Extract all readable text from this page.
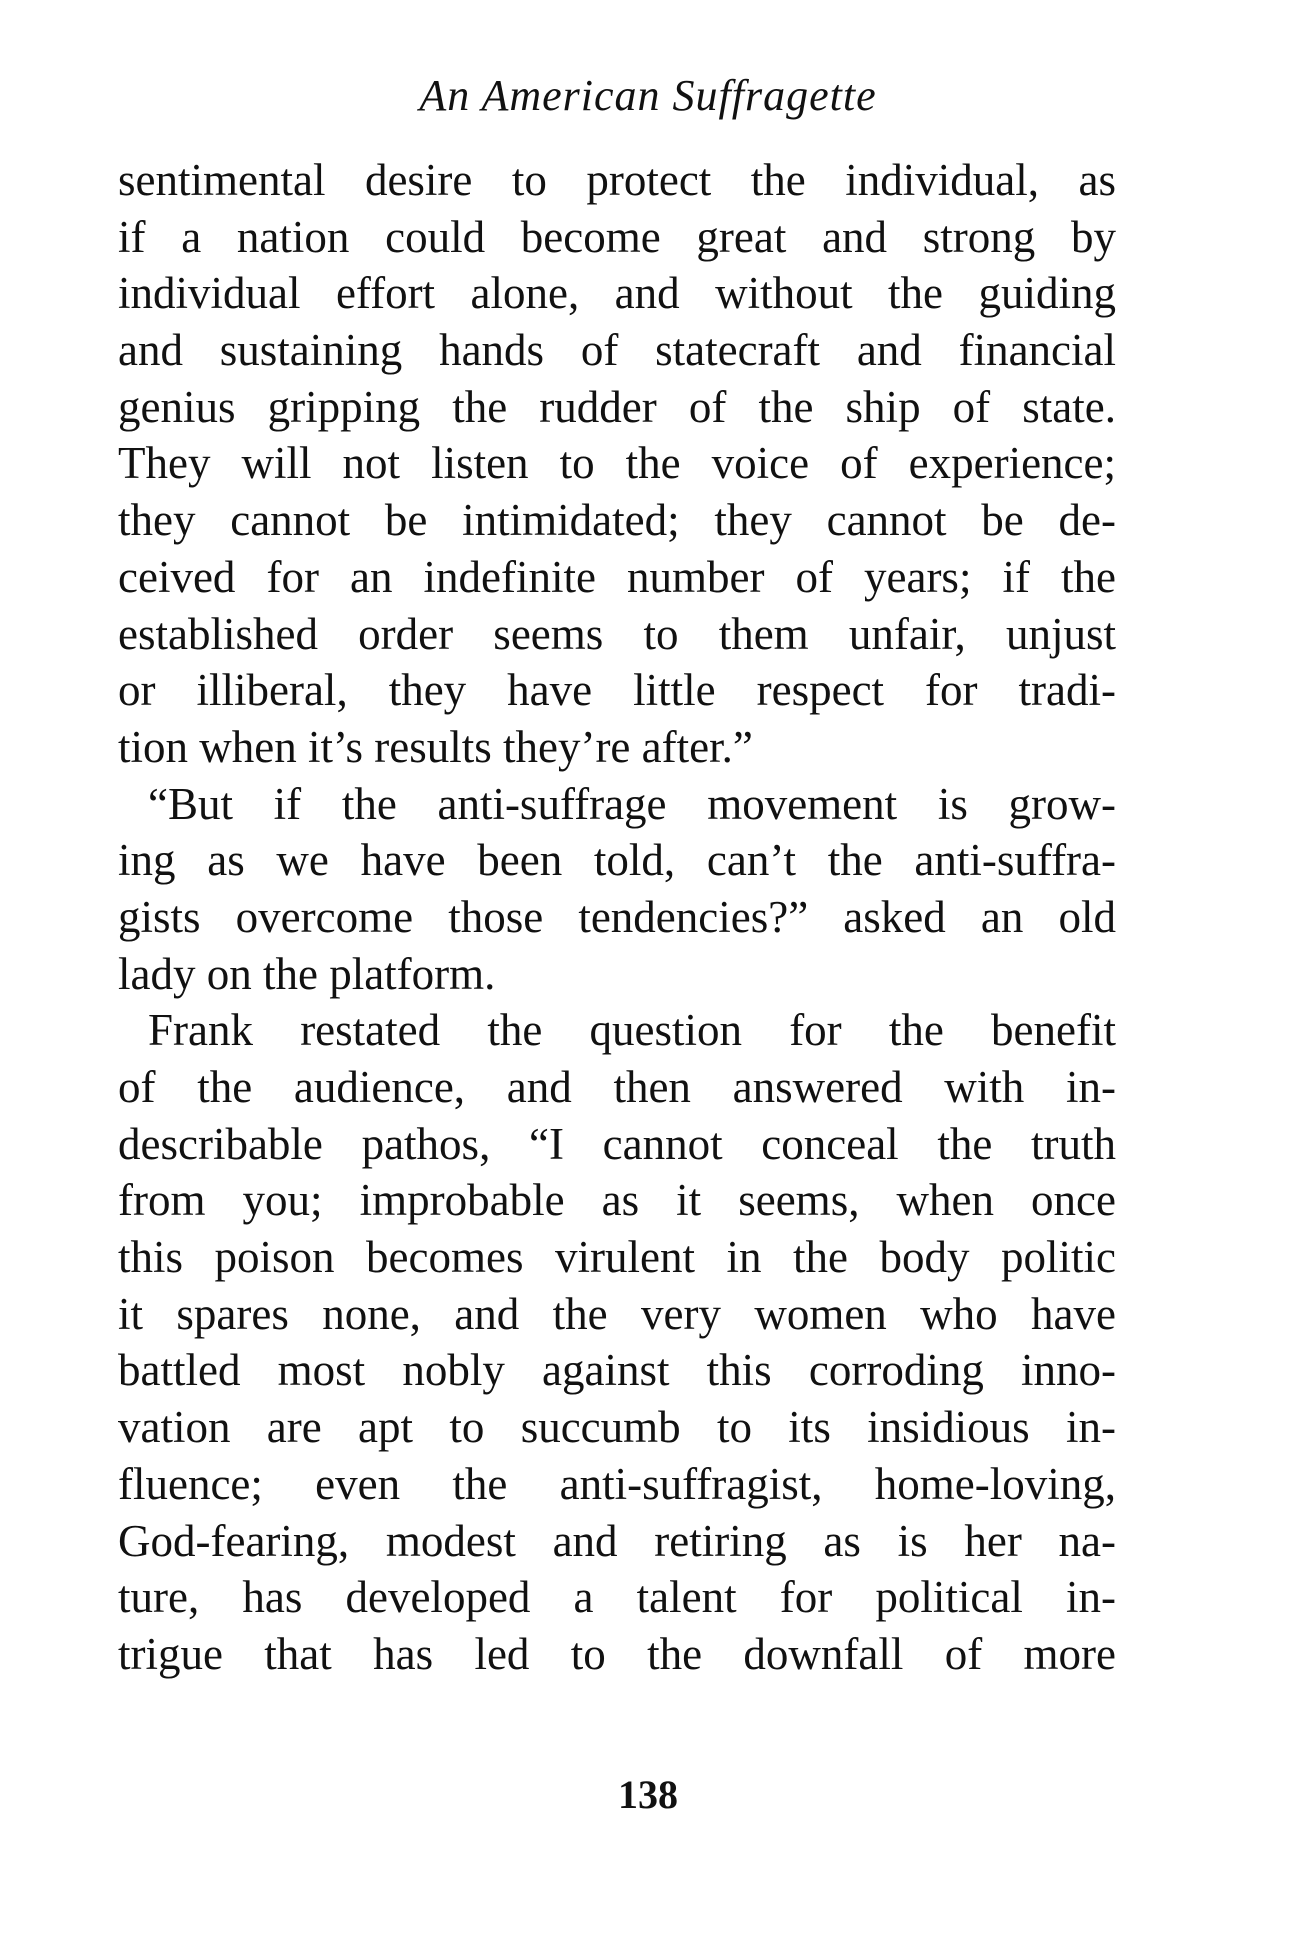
An American Suffragette
sentimental desire to protect the individual, as
if a nation could become great and strong by
individual effort alone, and without the guiding
and sustaining hands of statecraft and financial
genius gripping the rudder of the ship of state.
They will not listen to the voice of experience;
they cannot be intimidated; they cannot be de-
ceived for an indefinite number of years; if the
established order seems to them unfair, unjust
or illiberal, they have little respect for tradi-
tion when it’s results they’re after.”
“But if the anti-suffrage movement is grow-
ing as we have been told, can’t the anti-suffra-
gists overcome those tendencies?” asked an old
lady on the platform.
Frank restated the question for the benefit
of the audience, and then answered with in-
describable pathos, “I cannot conceal the truth
from you; improbable as it seems, when once
this poison becomes virulent in the body politic
it spares none, and the very women who have
battled most nobly against this corroding inno-
vation are apt to succumb to its insidious in-
fluence; even the anti-suffragist, home-loving,
God-fearing, modest and retiring as is her na-
ture, has developed a talent for political in-
trigue that has led to the downfall of more
138
